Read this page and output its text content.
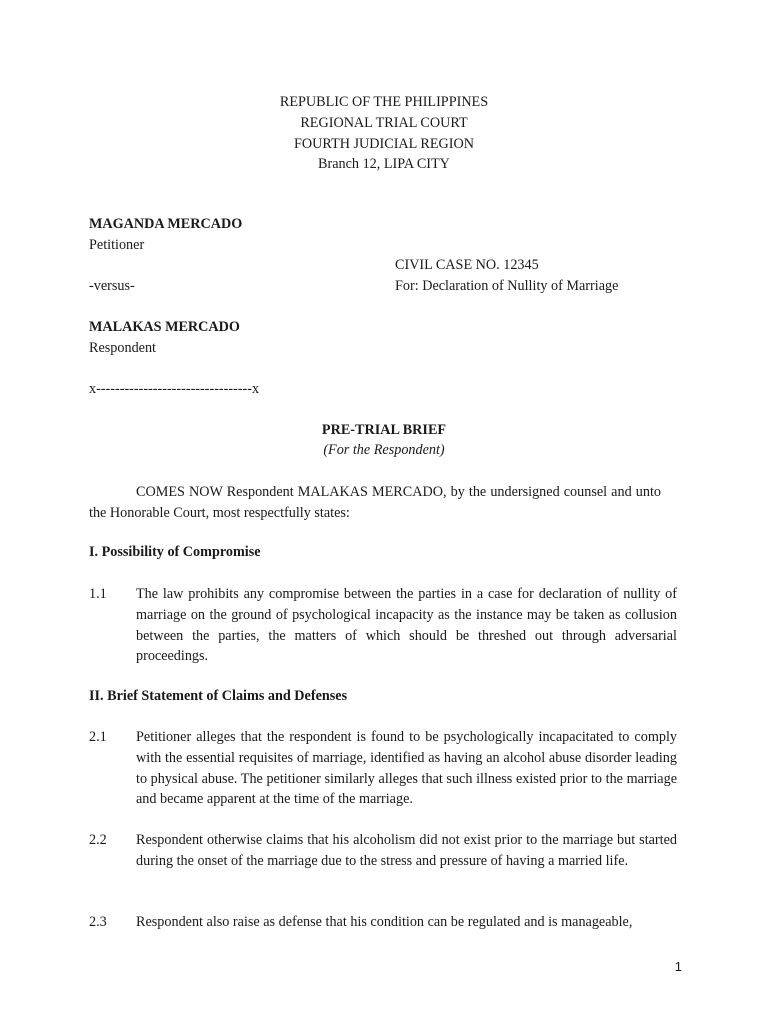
REPUBLIC OF THE PHILIPPINES
REGIONAL TRIAL COURT
FOURTH JUDICIAL REGION
Branch 12, LIPA CITY
MAGANDA MERCADO
Petitioner
CIVIL CASE NO. 12345
-versus-	For: Declaration of Nullity of Marriage
MALAKAS MERCADO
Respondent
x---------------------------------x
PRE-TRIAL BRIEF
(For the Respondent)
COMES NOW Respondent MALAKAS MERCADO, by the undersigned counsel and unto the Honorable Court, most respectfully states:
I. Possibility of Compromise
1.1 The law prohibits any compromise between the parties in a case for declaration of nullity of marriage on the ground of psychological incapacity as the instance may be taken as collusion between the parties, the matters of which should be threshed out through adversarial proceedings.
II. Brief Statement of Claims and Defenses
2.1 Petitioner alleges that the respondent is found to be psychologically incapacitated to comply with the essential requisites of marriage, identified as having an alcohol abuse disorder leading to physical abuse. The petitioner similarly alleges that such illness existed prior to the marriage and became apparent at the time of the marriage.
2.2 Respondent otherwise claims that his alcoholism did not exist prior to the marriage but started during the onset of the marriage due to the stress and pressure of having a married life.
2.3 Respondent also raise as defense that his condition can be regulated and is manageable,
1
